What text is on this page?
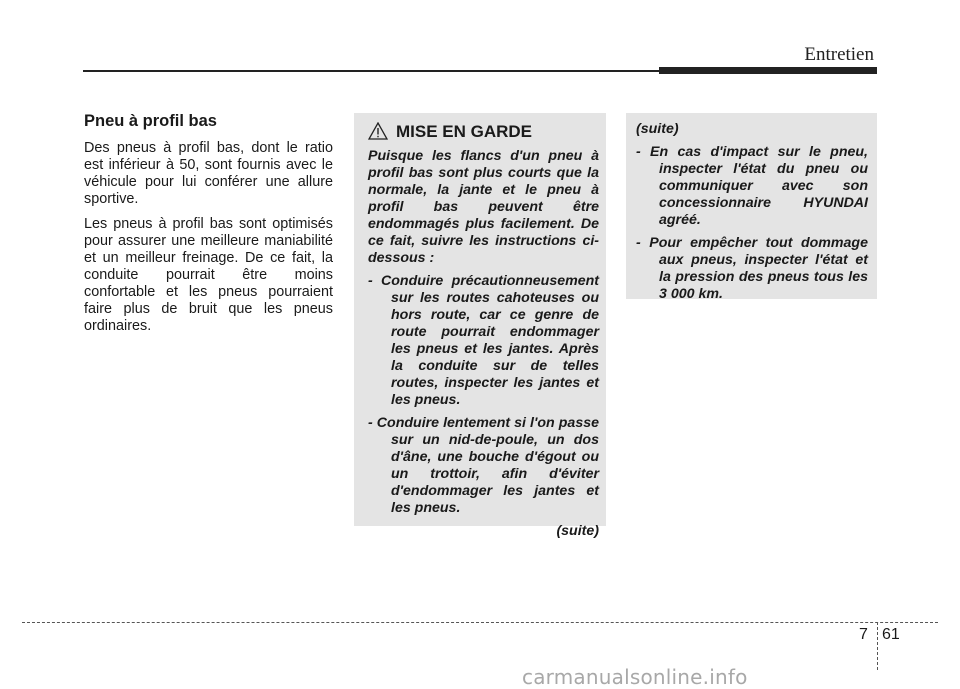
Entretien
Pneu à profil bas

Des pneus à profil bas, dont le ratio est inférieur à 50, sont fournis avec le véhicule pour lui conférer une allure sportive.

Les pneus à profil bas sont optimisés pour assurer une meilleure maniabilité et un meilleur freinage. De ce fait, la conduite pourrait être moins confortable et les pneus pourraient faire plus de bruit que les pneus ordinaires.

MISE EN GARDE

Puisque les flancs d'un pneu à profil bas sont plus courts que la normale, la jante et le pneu à profil bas peuvent être endommagés plus facilement. De ce fait, suivre les instructions ci-dessous :

- Conduire précautionneusement sur les routes cahoteuses ou hors route, car ce genre de route pourrait endommager les pneus et les jantes. Après la conduite sur de telles routes, inspecter les jantes et les pneus.

- Conduire lentement si l'on passe sur un nid-de-poule, un dos d'âne, une bouche d'égout ou un trottoir, afin d'éviter d'endommager les jantes et les pneus.

(suite)

(suite)

- En cas d'impact sur le pneu, inspecter l'état du pneu ou communiquer avec son concessionnaire HYUNDAI agréé.

- Pour empêcher tout dommage aux pneus, inspecter l'état et la pression des pneus tous les 3 000 km.

7 61
carmanualsonline.info
